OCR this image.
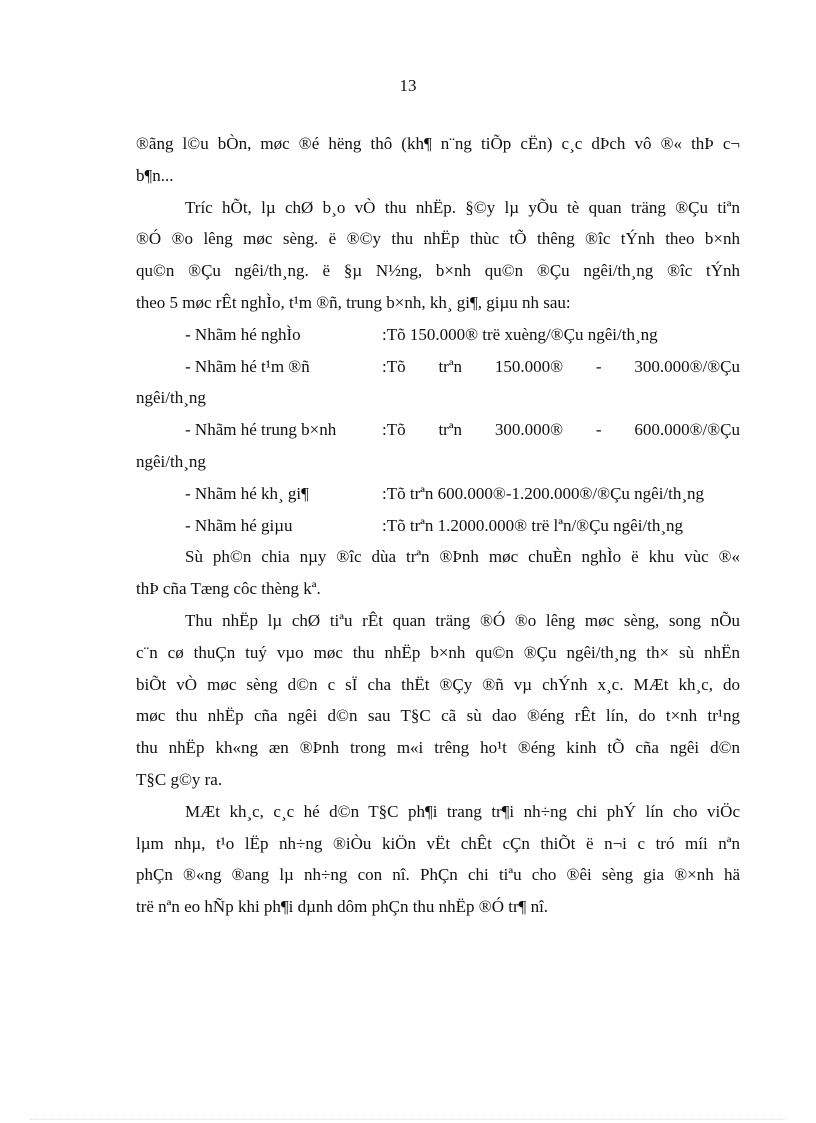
13
®ãng l©u bÒn, møc ®é hëng thô (kh¶ n¨ng tiÕp cËn) c¸c dÞch vô ®« thÞ c¬
b¶n...
Tríc hÕt, lµ chØ b¸o vÒ thu nhËp. §©y lµ yÕu tè quan träng ®Çu tiªn
®Ó ®o lêng møc sèng. ë ®©y thu nhËp thùc tÕ thêng ®îc tÝnh theo b×nh
qu©n ®Çu ngêi/th¸ng. ë §µ N½ng, b×nh qu©n ®Çu ngêi/th¸ng ®îc tÝnh
theo 5 møc rÊt nghÌo, t¹m ®ñ, trung b×nh, kh¸ gi¶, giµu nh sau:
- Nhãm hé nghÌo	:Tõ 150.000® trë xuèng/®Çu ngêi/th¸ng
- Nhãm hé t¹m ®ñ	:Tõ trªn 150.000® - 300.000®/®Çu
ngêi/th¸ng
- Nhãm hé trung b×nh	:Tõ trªn 300.000® - 600.000®/®Çu
ngêi/th¸ng
- Nhãm hé kh¸ gi¶	:Tõ trªn 600.000®-1.200.000®/®Çu ngêi/th¸ng
- Nhãm hé giµu	:Tõ trªn 1.2000.000® trë lªn/®Çu ngêi/th¸ng
Sù ph©n chia nµy ®îc dùa trªn ®Þnh møc chuÈn nghÌo ë khu vùc ®«
thÞ cña Tæng côc thèng kª.
Thu nhËp lµ chØ tiªu rÊt quan träng ®Ó ®o lêng møc sèng, song nÕu
c¨n cø thuÇn tuý vµo møc thu nhËp b×nh qu©n ®Çu ngêi/th¸ng th× sù nhËn
biÕt vÒ møc sèng d©n c sÏ cha thËt ®Çy ®ñ vµ chÝnh x¸c. MÆt kh¸c, do
møc thu nhËp cña ngêi d©n sau T§C cã sù dao ®éng rÊt lín, do t×nh tr¹ng
thu nhËp kh«ng æn ®Þnh trong m«i trêng ho¹t ®éng kinh tÕ cña ngêi d©n
T§C g©y ra.
MÆt kh¸c, c¸c hé d©n T§C ph¶i trang tr¶i nh÷ng chi phÝ lín cho viÖc
lµm nhµ, t¹o lËp nh÷ng ®iÒu kiÖn vËt chÊt cÇn thiÕt ë n¬i c tró míi nªn
phÇn ®«ng ®ang lµ nh÷ng con nî. PhÇn chi tiªu cho ®êi sèng gia ®×nh hä
trë nªn eo hÑp khi ph¶i dµnh dôm phÇn thu nhËp ®Ó tr¶ nî.
